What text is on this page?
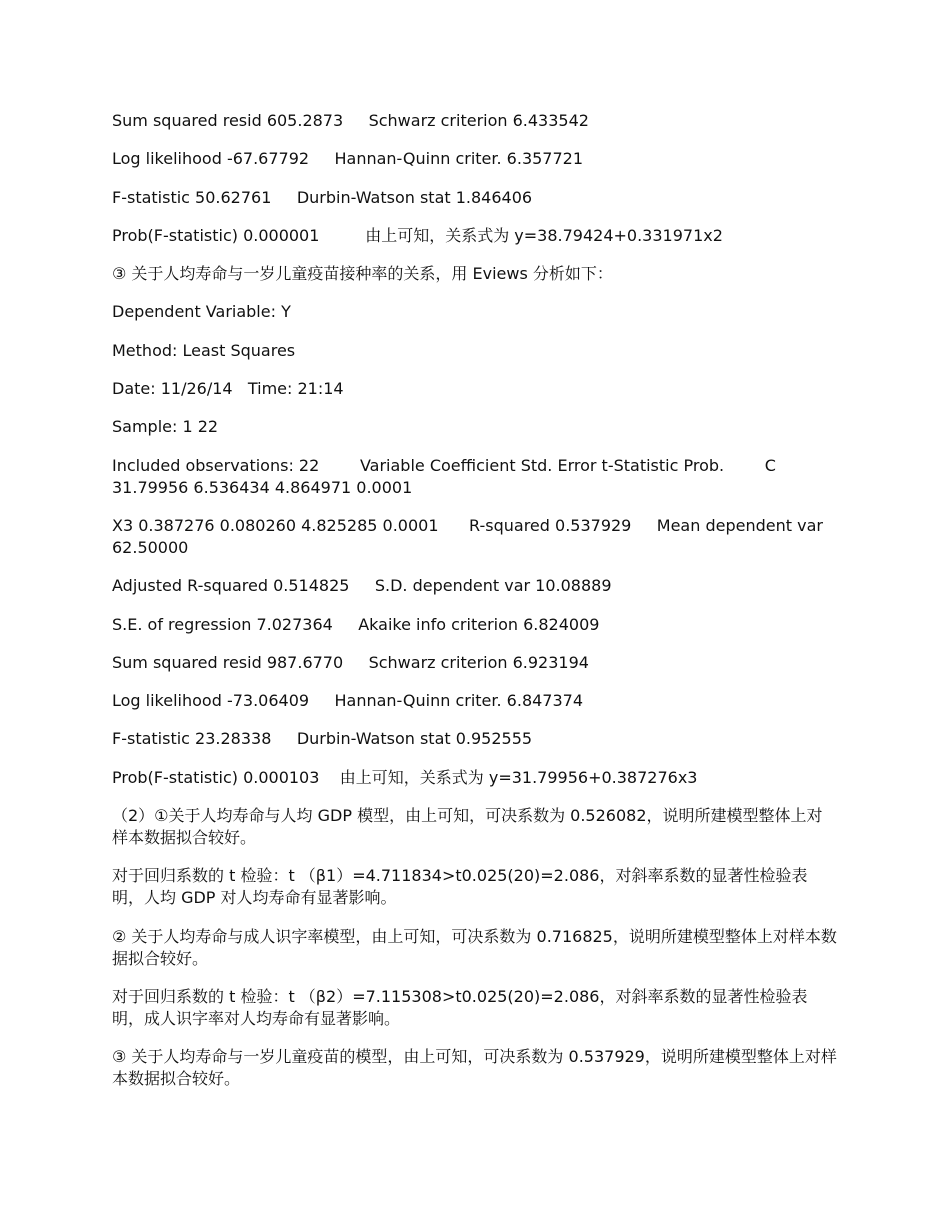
Sum squared resid 605.2873     Schwarz criterion 6.433542

Log likelihood -67.67792     Hannan-Quinn criter. 6.357721

F-statistic 50.62761     Durbin-Watson stat 1.846406

Prob(F-statistic) 0.000001         由上可知，关系式为 y=38.79424+0.331971x2

③ 关于人均寿命与一岁儿童疫苗接种率的关系，用 Eviews 分析如下：

Dependent Variable: Y

Method: Least Squares

Date: 11/26/14   Time: 21:14

Sample: 1 22

Included observations: 22        Variable Coefficient Std. Error t-Statistic Prob.        C 31.79956 6.536434 4.864971 0.0001

X3 0.387276 0.080260 4.825285 0.0001      R-squared 0.537929     Mean dependent var 62.50000

Adjusted R-squared 0.514825     S.D. dependent var 10.08889

S.E. of regression 7.027364     Akaike info criterion 6.824009

Sum squared resid 987.6770     Schwarz criterion 6.923194

Log likelihood -73.06409     Hannan-Quinn criter. 6.847374

F-statistic 23.28338     Durbin-Watson stat 0.952555

Prob(F-statistic) 0.000103    由上可知，关系式为 y=31.79956+0.387276x3

（2）①关于人均寿命与人均 GDP 模型，由上可知，可决系数为 0.526082，说明所建模型整体上对样本数据拟合较好。

对于回归系数的 t 检验：t （β1）=4.711834>t0.025(20)=2.086，对斜率系数的显著性检验表明，人均 GDP 对人均寿命有显著影响。

② 关于人均寿命与成人识字率模型，由上可知，可决系数为 0.716825，说明所建模型整体上对样本数据拟合较好。

对于回归系数的 t 检验：t （β2）=7.115308>t0.025(20)=2.086，对斜率系数的显著性检验表明，成人识字率对人均寿命有显著影响。

③ 关于人均寿命与一岁儿童疫苗的模型，由上可知，可决系数为 0.537929，说明所建模型整体上对样本数据拟合较好。
